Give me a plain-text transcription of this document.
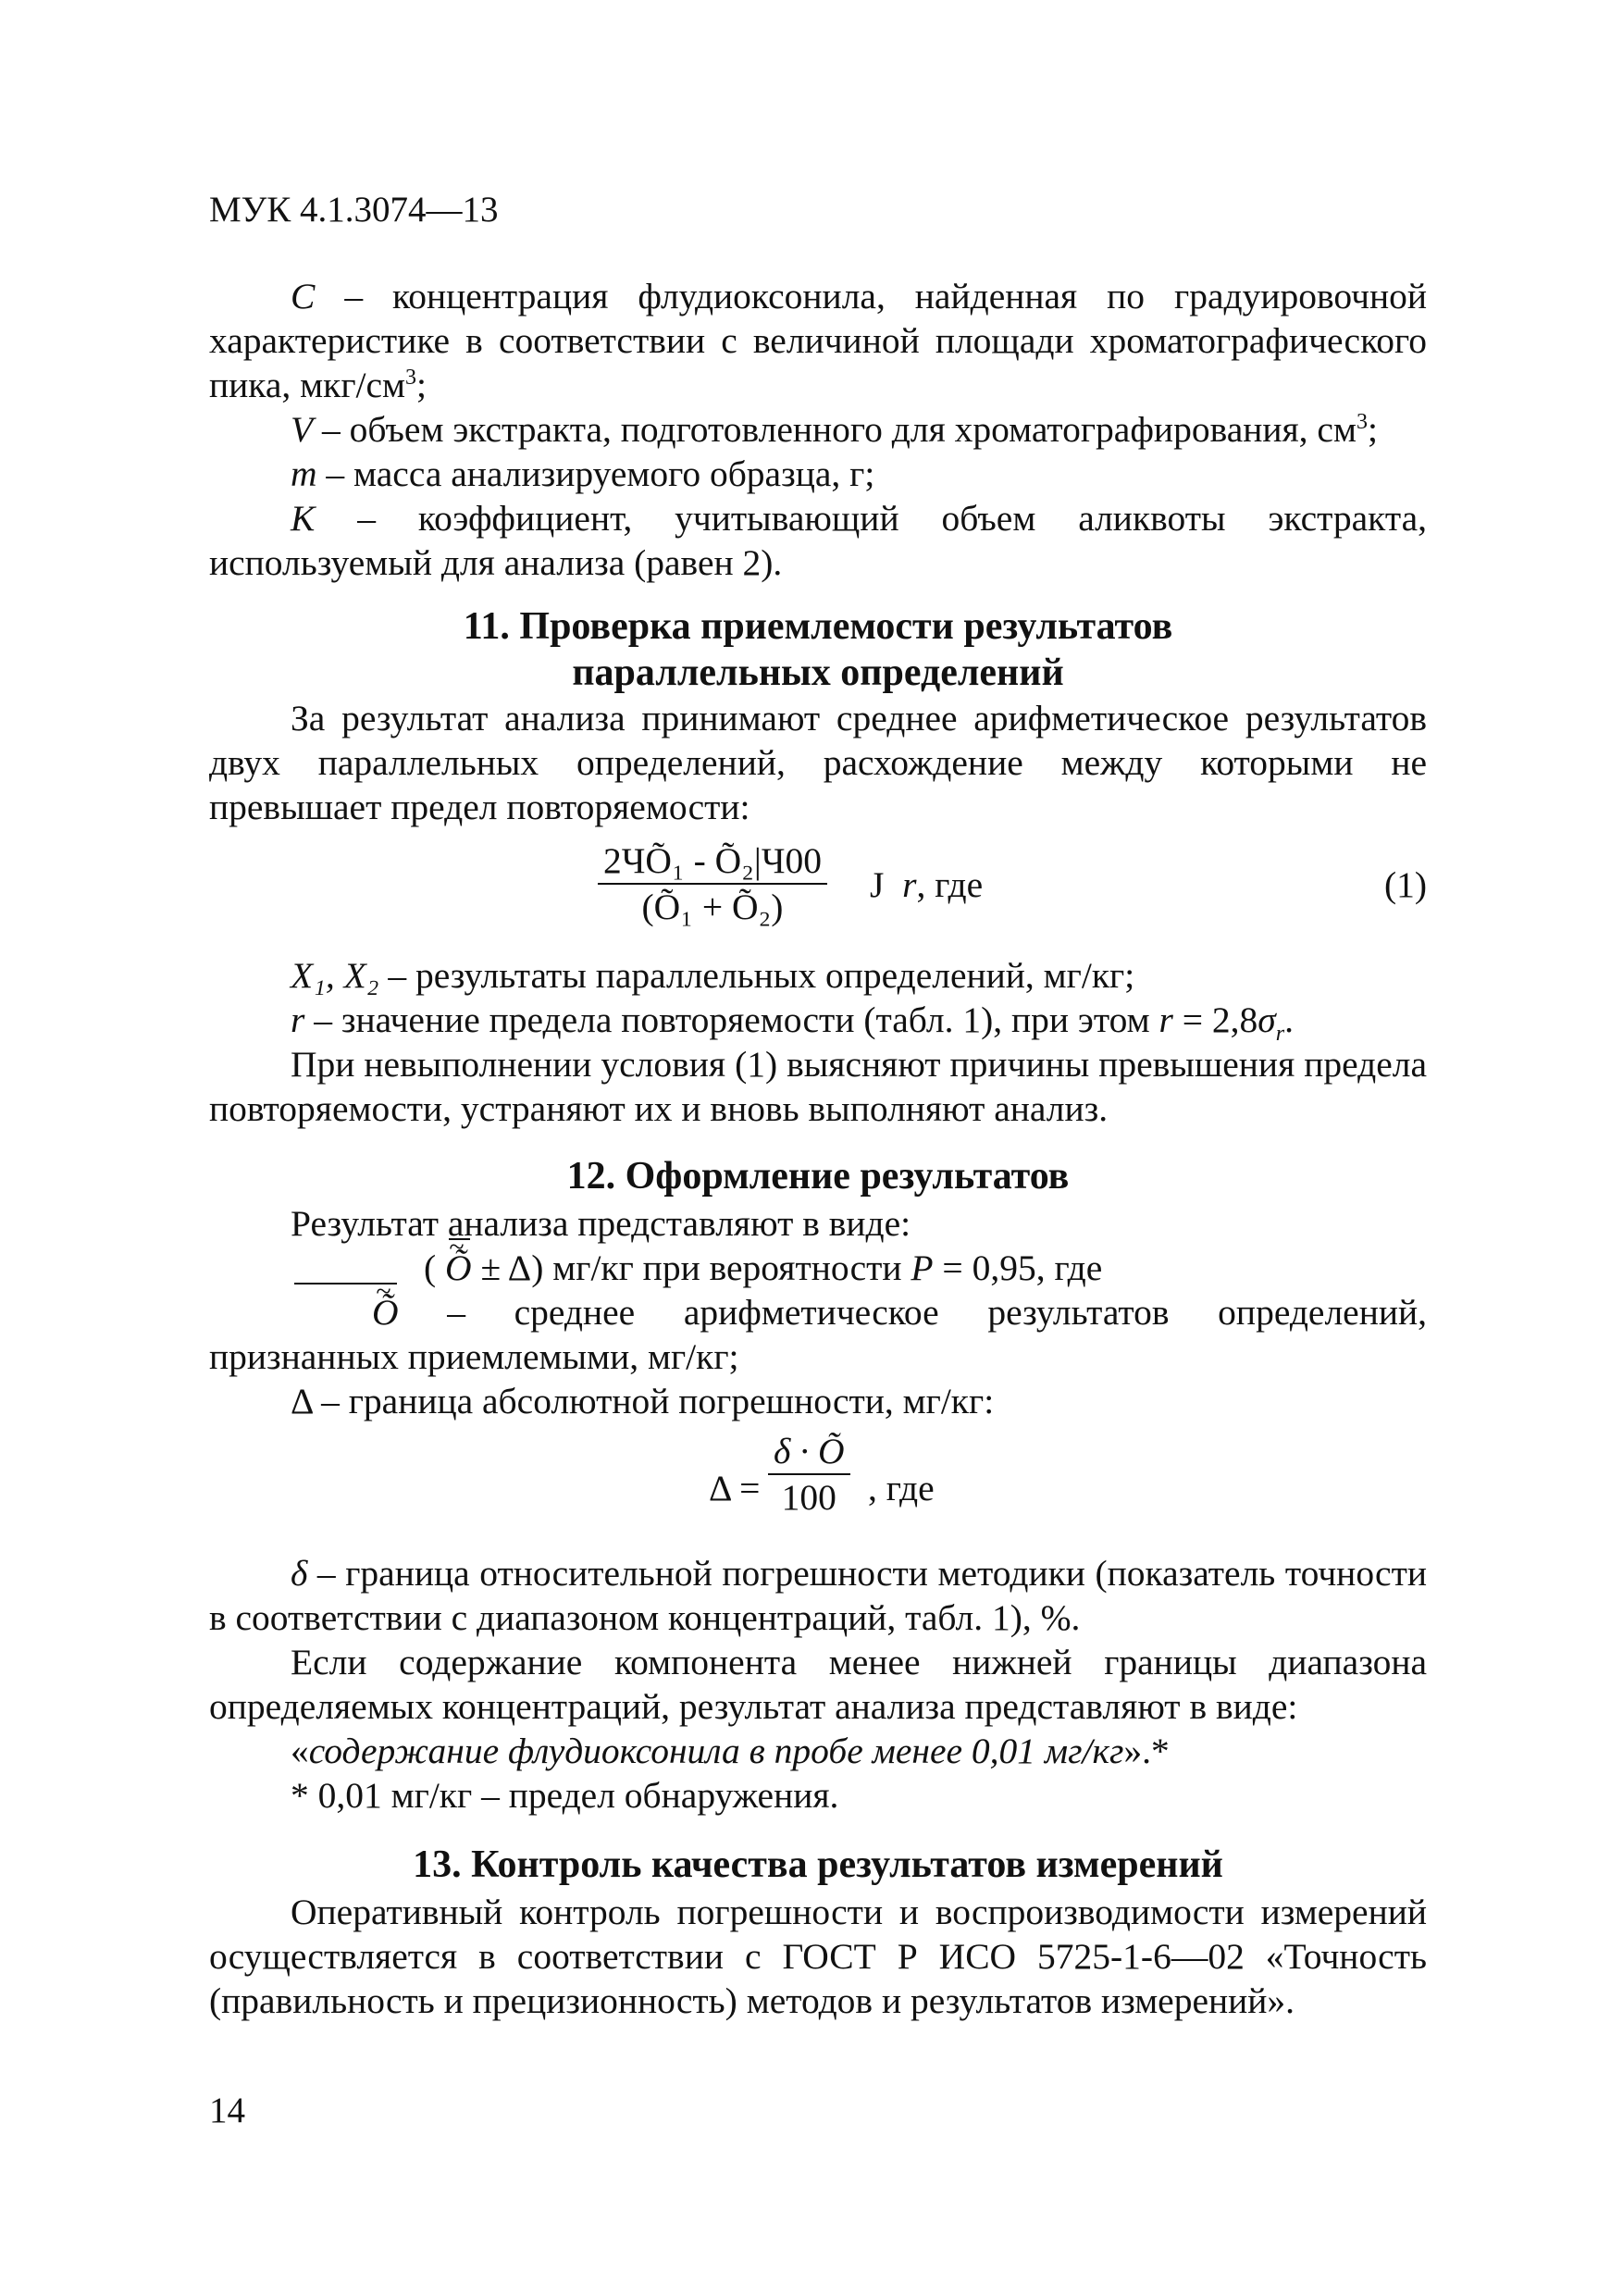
МУК 4.1.3074—13

C – концентрация флудиоксонила, найденная по градуировочной характеристике в соответствии с величиной площади хроматографического пика, мкг/$см^3$;

V – объем экстракта, подготовленного для хроматографирования, $см^3$;

m – масса анализируемого образца, г;

K – коэффициент, учитывающий объем аликвоты экстракта, используемый для анализа (равен 2).

11. Проверка приемлемости результатов
параллельных определений

За результат анализа принимают среднее арифметическое результатов двух параллельных определений, расхождение между которыми не превышает предел повторяемости:

2ЧÕ₁ - Õ₂|Ч00
(Õ₁ + Õ₂)
J r, где	(1)

X₁, X₂ – результаты параллельных определений, мг/кг;

r – значение предела повторяемости (табл. 1), при этом $r = 2,8\sigma_r$.

При невыполнении условия (1) выясняют причины превышения предела повторяемости, устраняют их и вновь выполняют анализ.

12. Оформление результатов

Результат анализа представляют в виде:

( ~ Õ ± Δ) мг/кг при вероятности P = 0,95, где

~ Õ – среднее арифметическое результатов определений, признанных приемлемыми, мг/кг;

Δ – граница абсолютной погрешности, мг/кг:

$\Delta = \frac{\delta \cdot Õ}{100}$ , где

δ – граница относительной погрешности методики (показатель точности в соответствии с диапазоном концентраций, табл. 1), %.

Если содержание компонента менее нижней границы диапазона определяемых концентраций, результат анализа представляют в виде:

«содержание флудиоксонила в пробе менее 0,01 мг/кг».*

* 0,01 мг/кг – предел обнаружения.

13. Контроль качества результатов измерений

Оперативный контроль погрешности и воспроизводимости измерений осуществляется в соответствии с ГОСТ Р ИСО 5725-1-6—02 «Точность (правильность и прецизионность) методов и результатов измерений».

14
